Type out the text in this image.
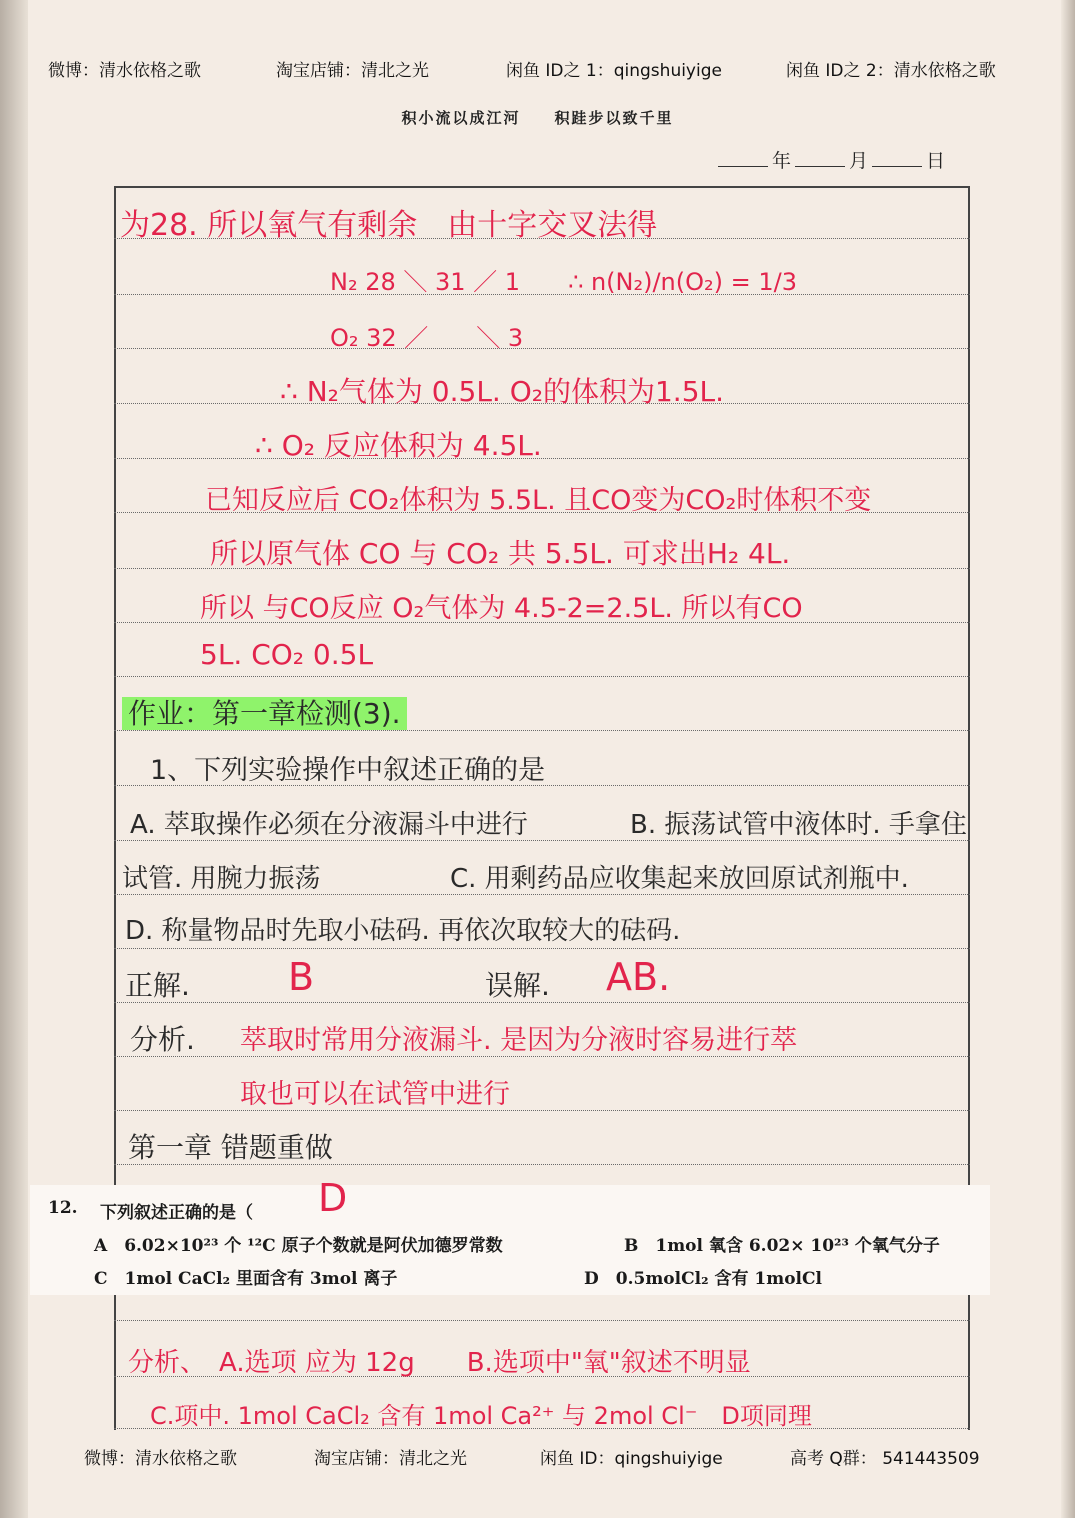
微博：清水依格之歌	淘宝店铺：清北之光	闲鱼 ID之 1：qingshuiyige	闲鱼 ID之 2：清水依格之歌
积小流以成江河　　积跬步以致千里
年	月	日
为28. 所以氧气有剩余　由十字交叉法得
N₂ 28 ＼ 31 ／ 1　　∴ n(N₂)/n(O₂) = 1/3
O₂ 32 ／　　＼ 3
∴ N₂气体为 0.5L. O₂的体积为1.5L.
∴ O₂ 反应体积为 4.5L.
已知反应后 CO₂体积为 5.5L. 且CO变为CO₂时体积不变
所以原气体 CO 与 CO₂ 共 5.5L. 可求出H₂ 4L.
所以 与CO反应 O₂气体为 4.5-2=2.5L. 所以有CO
5L. CO₂ 0.5L
作业：第一章检测(3).
1、下列实验操作中叙述正确的是
A. 萃取操作必须在分液漏斗中进行	B. 振荡试管中液体时. 手拿住
试管. 用腕力振荡	C. 用剩药品应收集起来放回原试剂瓶中.
D. 称量物品时先取小砝码. 再依次取较大的砝码.
正解.	B	误解. AB.
分析. 萃取时常用分液漏斗. 是因为分液时容易进行萃
取也可以在试管中进行
第一章 错题重做
12. 下列叙述正确的是（ D
A　6.02×10²³ 个 ¹²C 原子个数就是阿伏加德罗常数	B　1mol 氧含 6.02× 10²³ 个氧气分子
C　1mol CaCl₂ 里面含有 3mol 离子	D　0.5molCl₂ 含有 1molCl
分析、　A.选项 应为 12g　　B.选项中"氧"叙述不明显
C.项中. 1mol CaCl₂ 含有 1mol Ca²⁺ 与 2mol Cl⁻　D项同理
微博：清水依格之歌	淘宝店铺：清北之光	闲鱼 ID：qingshuiyige	高考 Q群： 541443509
